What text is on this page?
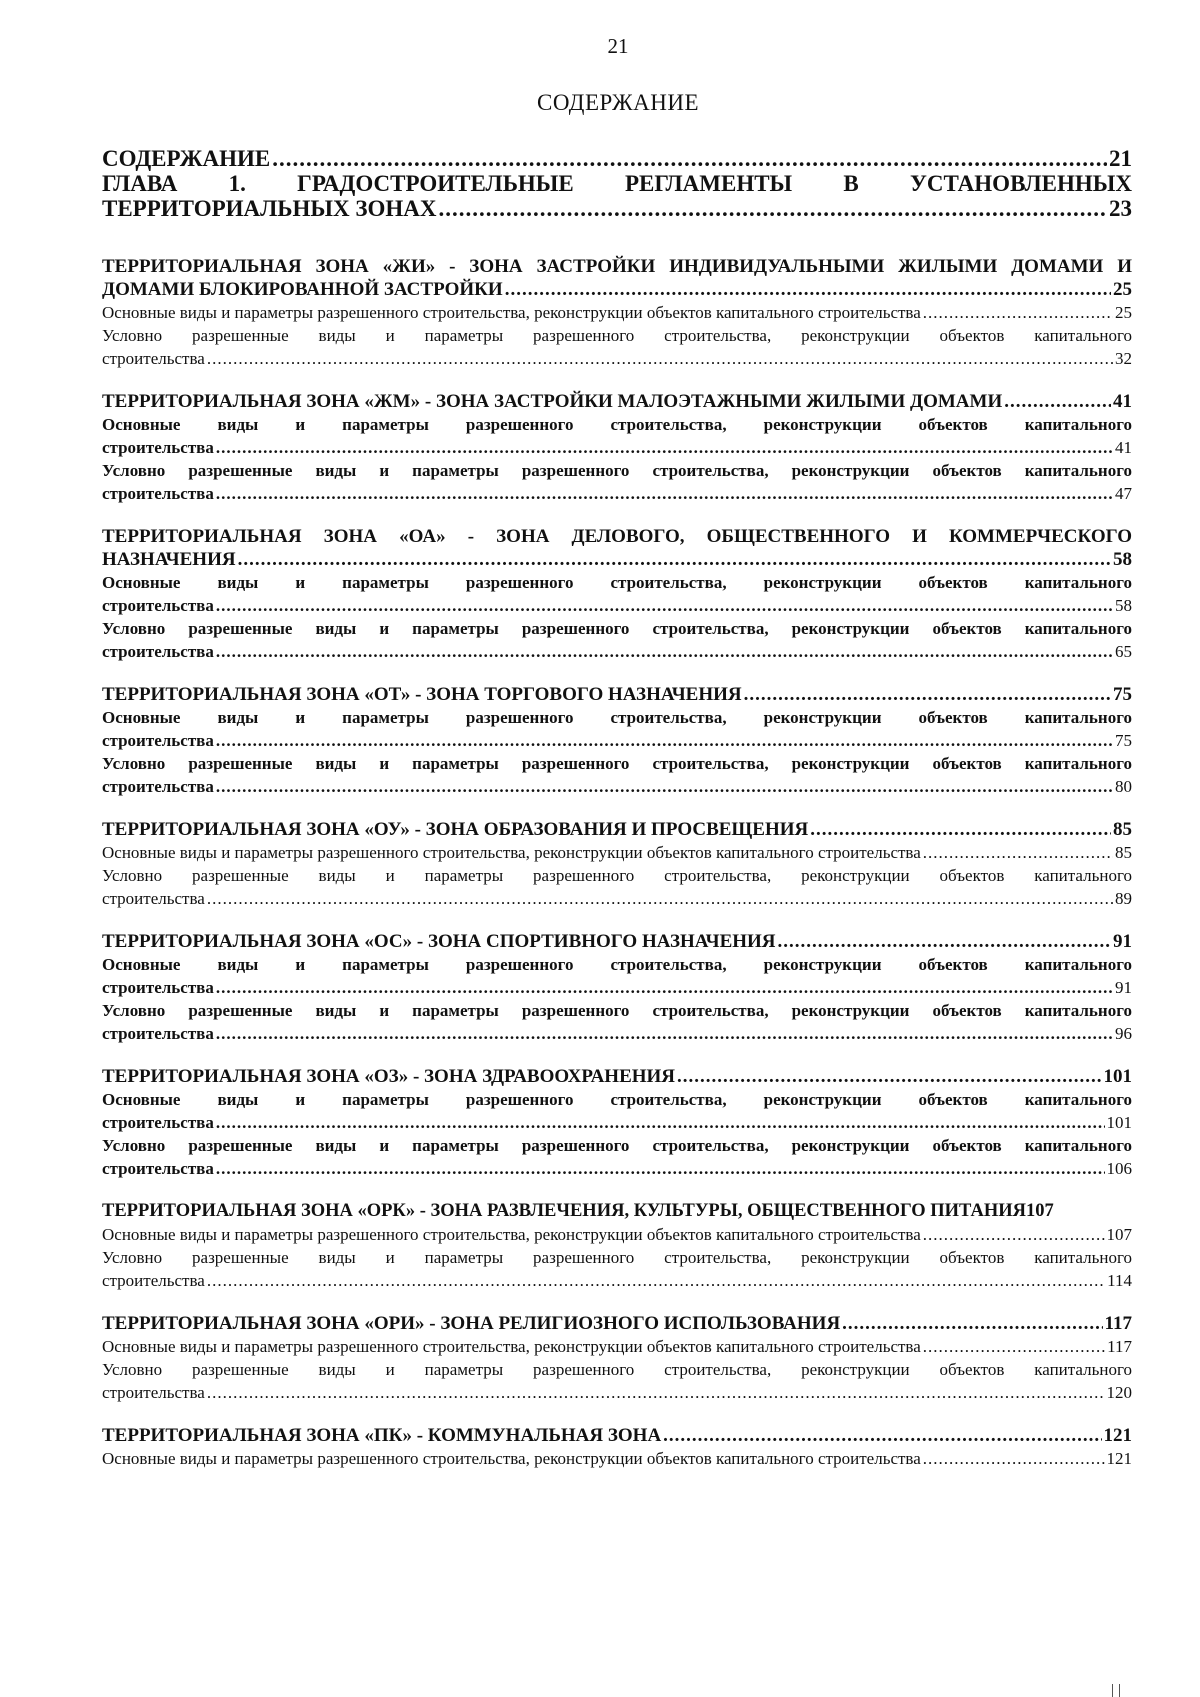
21
СОДЕРЖАНИЕ
СОДЕРЖАНИЕ .....	21
ГЛАВА 1. ГРАДОСТРОИТЕЛЬНЫЕ РЕГЛАМЕНТЫ В УСТАНОВЛЕННЫХ
ТЕРРИТОРИАЛЬНЫХ ЗОНАХ .....	23
ТЕРРИТОРИАЛЬНАЯ ЗОНА «ЖИ» - ЗОНА ЗАСТРОЙКИ ИНДИВИДУАЛЬНЫМИ ЖИЛЫМИ ДОМАМИ И
ДОМАМИ БЛОКИРОВАННОЙ ЗАСТРОЙКИ .....	25
Основные виды и параметры разрешенного строительства, реконструкции объектов капитального строительства .....	25
Условно разрешенные виды и параметры разрешенного строительства, реконструкции объектов капитального
строительства .....	32
ТЕРРИТОРИАЛЬНАЯ ЗОНА «ЖМ» - ЗОНА ЗАСТРОЙКИ МАЛОЭТАЖНЫМИ ЖИЛЫМИ ДОМАМИ .....	41
Основные виды и параметры разрешенного строительства, реконструкции объектов капитального
строительства .....	41
Условно разрешенные виды и параметры разрешенного строительства, реконструкции объектов капитального
строительства .....	47
ТЕРРИТОРИАЛЬНАЯ ЗОНА «ОА» - ЗОНА ДЕЛОВОГО, ОБЩЕСТВЕННОГО И КОММЕРЧЕСКОГО
НАЗНАЧЕНИЯ .....	58
Основные виды и параметры разрешенного строительства, реконструкции объектов капитального
строительства .....	58
Условно разрешенные виды и параметры разрешенного строительства, реконструкции объектов капитального
строительства .....	65
ТЕРРИТОРИАЛЬНАЯ ЗОНА «ОТ» - ЗОНА ТОРГОВОГО НАЗНАЧЕНИЯ .....	75
Основные виды и параметры разрешенного строительства, реконструкции объектов капитального
строительства .....	75
Условно разрешенные виды и параметры разрешенного строительства, реконструкции объектов капитального
строительства .....	80
ТЕРРИТОРИАЛЬНАЯ ЗОНА «ОУ» - ЗОНА ОБРАЗОВАНИЯ И ПРОСВЕЩЕНИЯ .....	85
Основные виды и параметры разрешенного строительства, реконструкции объектов капитального строительства .....	85
Условно разрешенные виды и параметры разрешенного строительства, реконструкции объектов капитального
строительства .....	89
ТЕРРИТОРИАЛЬНАЯ ЗОНА «ОС» - ЗОНА СПОРТИВНОГО НАЗНАЧЕНИЯ .....	91
Основные виды и параметры разрешенного строительства, реконструкции объектов капитального
строительства .....	91
Условно разрешенные виды и параметры разрешенного строительства, реконструкции объектов капитального
строительства .....	96
ТЕРРИТОРИАЛЬНАЯ ЗОНА «ОЗ» - ЗОНА ЗДРАВООХРАНЕНИЯ .....	101
Основные виды и параметры разрешенного строительства, реконструкции объектов капитального
строительства .....	101
Условно разрешенные виды и параметры разрешенного строительства, реконструкции объектов капитального
строительства .....	106
ТЕРРИТОРИАЛЬНАЯ ЗОНА «ОРК» - ЗОНА РАЗВЛЕЧЕНИЯ, КУЛЬТУРЫ, ОБЩЕСТВЕННОГО ПИТАНИЯ107
Основные виды и параметры разрешенного строительства, реконструкции объектов капитального строительства .....	107
Условно разрешенные виды и параметры разрешенного строительства, реконструкции объектов капитального
строительства .....	114
ТЕРРИТОРИАЛЬНАЯ ЗОНА «ОРИ» - ЗОНА РЕЛИГИОЗНОГО ИСПОЛЬЗОВАНИЯ .....	117
Основные виды и параметры разрешенного строительства, реконструкции объектов капитального строительства .....	117
Условно разрешенные виды и параметры разрешенного строительства, реконструкции объектов капитального
строительства .....	120
ТЕРРИТОРИАЛЬНАЯ ЗОНА «ПК» - КОММУНАЛЬНАЯ ЗОНА .....	121
Основные виды и параметры разрешенного строительства, реконструкции объектов капитального строительства .....	121
